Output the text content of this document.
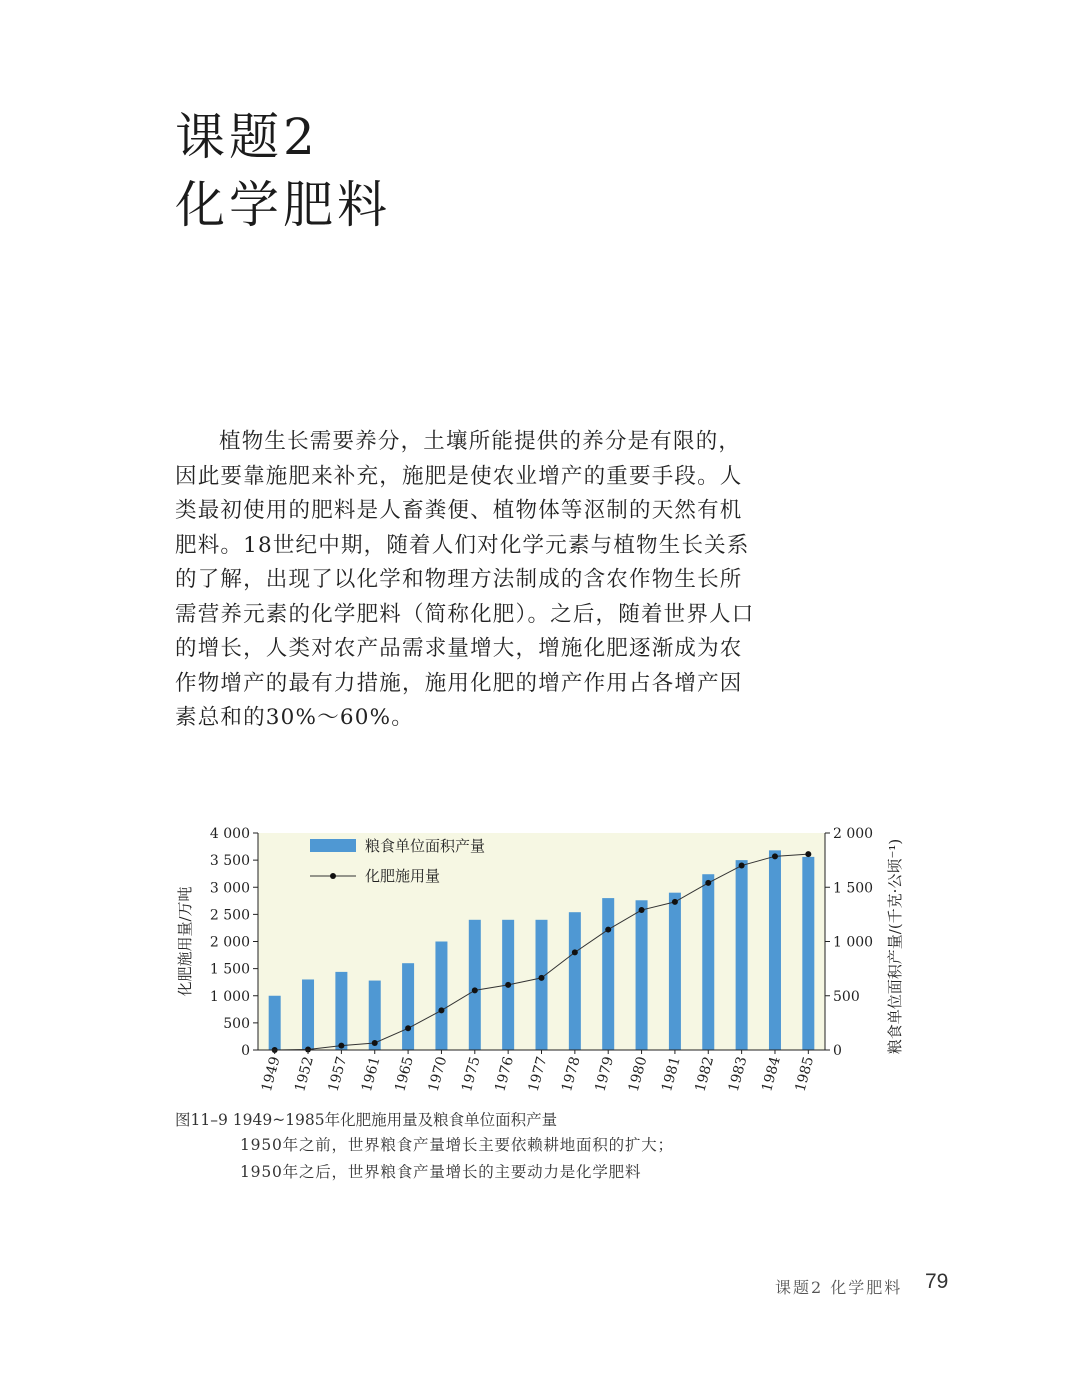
课题2
化学肥料
植物生长需要养分，土壤所能提供的养分是有限的，
因此要靠施肥来补充，施肥是使农业增产的重要手段。人
类最初使用的肥料是人畜粪便、植物体等沤制的天然有机
肥料。18世纪中期，随着人们对化学元素与植物生长关系
的了解，出现了以化学和物理方法制成的含农作物生长所
需营养元素的化学肥料（简称化肥）。之后，随着世界人口
的增长，人类对农产品需求量增大，增施化肥逐渐成为农
作物增产的最有力措施，施用化肥的增产作用占各增产因
素总和的30%～60%。
0
500
1 000
1 500
2 000
2 500
3 000
3 500
4 000
0
500
1 000
1 500
2 000
1949 1952 1957 1961 1965 1970 1975 1976 1977 1978 1979 1980 1981 1982 1983 1984 1985
化肥施用量/万吨	粮食单位面积产量/(千克·公顷⁻¹)
粮食单位面积产量
化肥施用量
图11–9 1949~1985年化肥施用量及粮食单位面积产量
1950年之前，世界粮食产量增长主要依赖耕地面积的扩大；
1950年之后，世界粮食产量增长的主要动力是化学肥料
课题2 化学肥料 79
